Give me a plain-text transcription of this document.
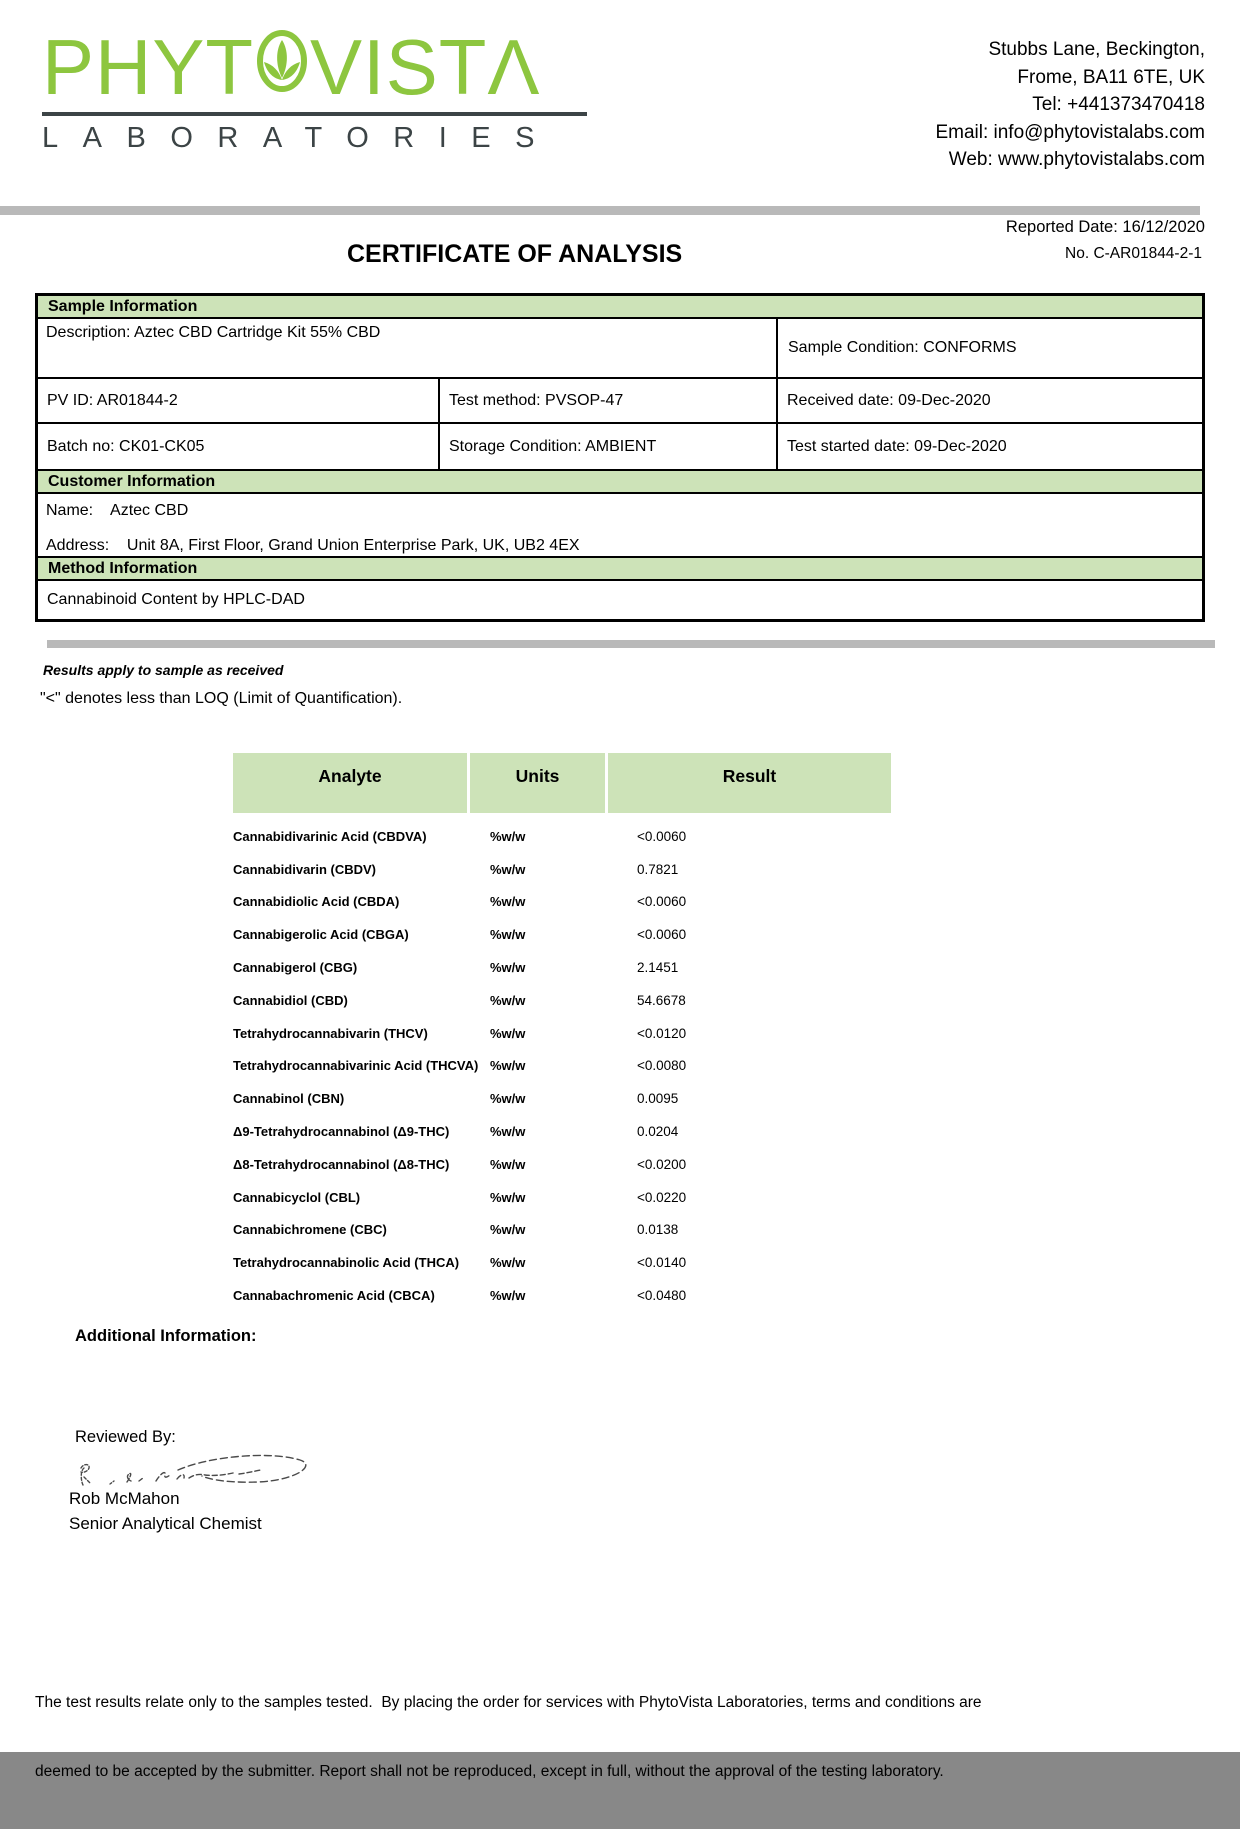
PHYT VIST Λ
LABORATORIES
Stubbs Lane, Beckington,
Frome, BA11 6TE, UK
Tel: +441373470418
Email: info@phytovistalabs.com
Web: www.phytovistalabs.com
Reported Date: 16/12/2020
No. C-AR01844-2-1
CERTIFICATE OF ANALYSIS
Sample Information
Description: Aztec CBD Cartridge Kit 55% CBD
Sample Condition: CONFORMS
PV ID: AR01844-2	Test method: PVSOP-47	Received date: 09-Dec-2020
Batch no: CK01-CK05	Storage Condition: AMBIENT	Test started date: 09-Dec-2020
Customer Information
Name:    Aztec CBD
Address:    Unit 8A, First Floor, Grand Union Enterprise Park, UK, UB2 4EX
Method Information
Cannabinoid Content by HPLC-DAD
Results apply to sample as received
"<" denotes less than LOQ (Limit of Quantification).
Analyte	Units	Result
Cannabidivarinic Acid (CBDVA)	%w/w	<0.0060
Cannabidivarin (CBDV)	%w/w	0.7821
Cannabidiolic Acid (CBDA)	%w/w	<0.0060
Cannabigerolic Acid (CBGA)	%w/w	<0.0060
Cannabigerol (CBG)	%w/w	2.1451
Cannabidiol (CBD)	%w/w	54.6678
Tetrahydrocannabivarin (THCV)	%w/w	<0.0120
Tetrahydrocannabivarinic Acid (THCVA) %w/w	<0.0080
Cannabinol (CBN)	%w/w	0.0095
Δ9-Tetrahydrocannabinol (Δ9-THC)	%w/w	0.0204
Δ8-Tetrahydrocannabinol (Δ8-THC)	%w/w	<0.0200
Cannabicyclol (CBL)	%w/w	<0.0220
Cannabichromene (CBC)	%w/w	0.0138
Tetrahydrocannabinolic Acid (THCA)	%w/w	<0.0140
Cannabachromenic Acid (CBCA)	%w/w	<0.0480
Additional Information:
Reviewed By:
Rob McMahon
Senior Analytical Chemist

The test results relate only to the samples tested.  By placing the order for services with PhytoVista Laboratories, terms and conditions are

deemed to be accepted by the submitter. Report shall not be reproduced, except in full, without the approval of the testing laboratory.
